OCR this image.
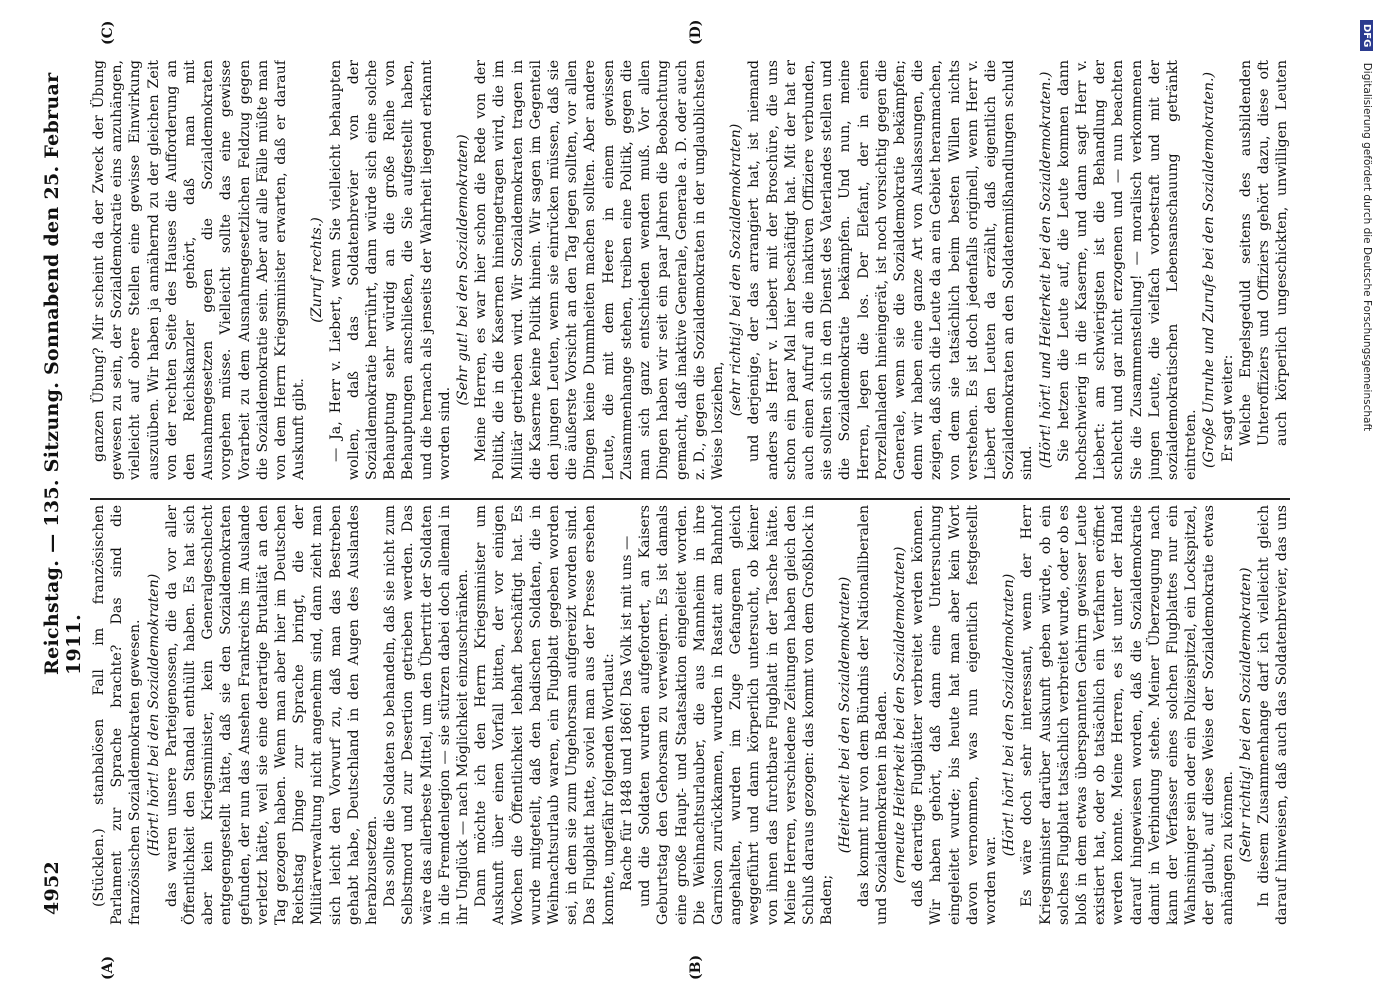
4952
Reichstag. — 135. Sitzung. Sonnabend den 25. Februar 1911.
(A)	(B)
(C)	(D)

(Stücklen.) stanbalösen Fall im französischen Parlament zur Sprache brachte? Das sind die französischen Sozialdemokraten gewesen. (Hört! hört! bei den Sozialdemokraten) das waren unsere Parteigenossen, die da vor aller Öffentlichkeit den Standal enthüllt haben. Es hat sich aber kein Kriegsminister, kein Generalgeschlecht entgegengestellt hätte, daß sie den Sozialdemokraten gefunden, der nun das Ansehen Frankreichs im Auslande verletzt hätte, weil sie eine derartige Brutalität an den Tag gezogen haben. Wenn man aber hier im Deutschen Reichstag Dinge zur Sprache bringt, die der Militärverwaltung nicht angenehm sind, dann zieht man sich leicht den Vorwurf zu, daß man das Bestreben gehabt habe, Deutschland in den Augen des Auslandes herabzusetzen. Das sollte die Soldaten so behandeln, daß sie nicht zum Selbstmord und zur Desertion getrieben werden. Das wäre das allerbeste Mittel, um den Übertritt der Soldaten in die Fremdenlegion — sie stürzen dabei doch allemal in ihr Unglück — nach Möglichkeit einzuschränken. Dann möchte ich den Herrn Kriegsminister um Auskunft über einen Vorfall bitten, der vor einigen Wochen die Öffentlichkeit lebhaft beschäftigt hat. Es wurde mitgeteilt, daß den badischen Soldaten, die in Weihnachtsurlaub waren, ein Flugblatt gegeben worden sei, in dem sie zum Ungehorsam aufgereizt worden sind. Das Flugblatt hatte, soviel man aus der Presse ersehen konnte, ungefähr folgenden Wortlaut: Rache für 1848 und 1866! Das Volk ist mit uns — und die Soldaten wurden aufgefordert, an Kaisers Geburtstag den Gehorsam zu verweigern. Es ist damals eine große Haupt- und Staatsaktion eingeleitet worden. Die Weihnachtsurlauber, die aus Mannheim in ihre Garnison zurückkamen, wurden in Rastatt am Bahnhof angehalten, wurden im Zuge Gefangenen gleich weggeführt und dann körperlich untersucht, ob keiner von ihnen das furchtbare Flugblatt in der Tasche hätte. Meine Herren, verschiedene Zeitungen haben gleich den Schluß daraus gezogen: das kommt von dem Großblock in Baden;

(Heiterkeit bei den Sozialdemokraten) das kommt nur von dem Bündnis der Nationalliberalen und Sozialdemokraten in Baden. (erneute Heiterkeit bei den Sozialdemokraten) daß derartige Flugblätter verbreitet werden können. Wir haben gehört, daß dann eine Untersuchung eingeleitet wurde; bis heute hat man aber kein Wort davon vernommen, was nun eigentlich festgestellt worden war.

(Hört! hört! bei den Sozialdemokraten) Es wäre doch sehr interessant, wenn der Herr Kriegsminister darüber Auskunft geben würde, ob ein solches Flugblatt tatsächlich verbreitet wurde, oder ob es bloß in dem etwas überspannten Gehirn gewisser Leute existiert hat, oder ob tatsächlich ein Verfahren eröffnet werden konnte. Meine Herren, es ist unter der Hand darauf hingewiesen worden, daß die Sozialdemokratie damit in Verbindung stehe. Meiner Überzeugung nach kann der Verfasser eines solchen Flugblattes nur ein Wahnsinniger sein oder ein Polizeispitzel, ein Lockspitzel, der glaubt, auf diese Weise der Sozialdemokratie etwas anhängen zu können. (Sehr richtig! bei den Sozialdemokraten)

In diesem Zusammenhange darf ich vielleicht gleich darauf hinweisen, daß auch das Soldatenbrevier, das uns

ganzen Übung? Mir scheint da der Zweck der Übung gewesen zu sein, der Sozialdemokratie eins anzuhängen, vielleicht auf obere Stellen eine gewisse Einwirkung auszuüben. Wir haben ja annähernd zu der gleichen Zeit von der rechten Seite des Hauses die Aufforderung an den Reichskanzler gehört, daß man mit Ausnahmegesetzen gegen die Sozialdemokraten vorgehen müsse. Vielleicht sollte das eine gewisse Vorarbeit zu dem Ausnahmegesetzlichen Feldzug gegen die Sozialdemokratie sein. Aber auf alle Fälle müßte man von dem Herrn Kriegsminister erwarten, daß er darauf Auskunft gibt.

(Zuruf rechts.) — Ja, Herr v. Liebert, wenn Sie vielleicht behaupten wollen, daß das Soldatenbrevier von der Sozialdemokratie herrührt, dann würde sich eine solche Behauptung sehr würdig an die große Reihe von Behauptungen anschließen, die Sie aufgestellt haben, und die hernach als jenseits der Wahrheit liegend erkannt worden sind.

(Sehr gut! bei den Sozialdemokraten) Meine Herren, es war hier schon die Rede von der Politik, die in die Kasernen hineingetragen wird, die im Militär getrieben wird. Wir Sozialdemokraten tragen in die Kaserne keine Politik hinein. Wir sagen im Gegenteil den jungen Leuten, wenn sie einrücken müssen, daß sie die äußerste Vorsicht an den Tag legen sollten, vor allen Dingen keine Dummheiten machen sollten. Aber andere Leute, die mit dem Heere in einem gewissen Zusammenhange stehen, treiben eine Politik, gegen die man sich ganz entschieden wenden muß. Vor allen Dingen haben wir seit ein paar Jahren die Beobachtung gemacht, daß inaktive Generale, Generale a. D. oder auch z. D., gegen die Sozialdemokraten in der unglaublichsten Weise losziehen,

(sehr richtig! bei den Sozialdemokraten) und derjenige, der das arrangiert hat, ist niemand anders als Herr v. Liebert mit der Broschüre, die uns schon ein paar Mal hier beschäftigt hat. Mit der hat er auch einen Aufruf an die inaktiven Offiziere verbunden, sie sollten sich in den Dienst des Vaterlandes stellen und die Sozialdemokratie bekämpfen. Und nun, meine Herren, legen die los. Der Elefant, der in einen Porzellanladen hineingerät, ist noch vorsichtig gegen die Generale, wenn sie die Sozialdemokratie bekämpfen; denn wir haben eine ganze Art von Auslassungen, die zeigen, daß sich die Leute da an ein Gebiet heranmachen, von dem sie tatsächlich beim besten Willen nichts verstehen. Es ist doch jedenfalls originell, wenn Herr v. Liebert den Leuten da erzählt, daß eigentlich die Sozialdemokraten an den Soldatenmißhandlungen schuld sind. (Hört! hört! und Heiterkeit bei den Sozialdemokraten.) Sie hetzen die Leute auf, die Leute kommen dann hochschwierig in die Kaserne, und dann sagt Herr v. Liebert: am schwierigsten ist die Behandlung der schlecht und gar nicht erzogenen und — nun beachten Sie die Zusammenstellung! — moralisch verkommenen jungen Leute, die vielfach vorbestraft und mit der sozialdemokratischen Lebensanschauung getränkt eintreten. (Große Unruhe und Zurufe bei den Sozialdemokraten.) Er sagt weiter: Welche Engelsgeduld seitens des ausbildenden Unteroffiziers und Offiziers gehört dazu, diese oft auch körperlich ungeschickten, unwilligen Leuten

DFG Digitalisierung gefördert durch die Deutsche Forschungsgemeinschaft
